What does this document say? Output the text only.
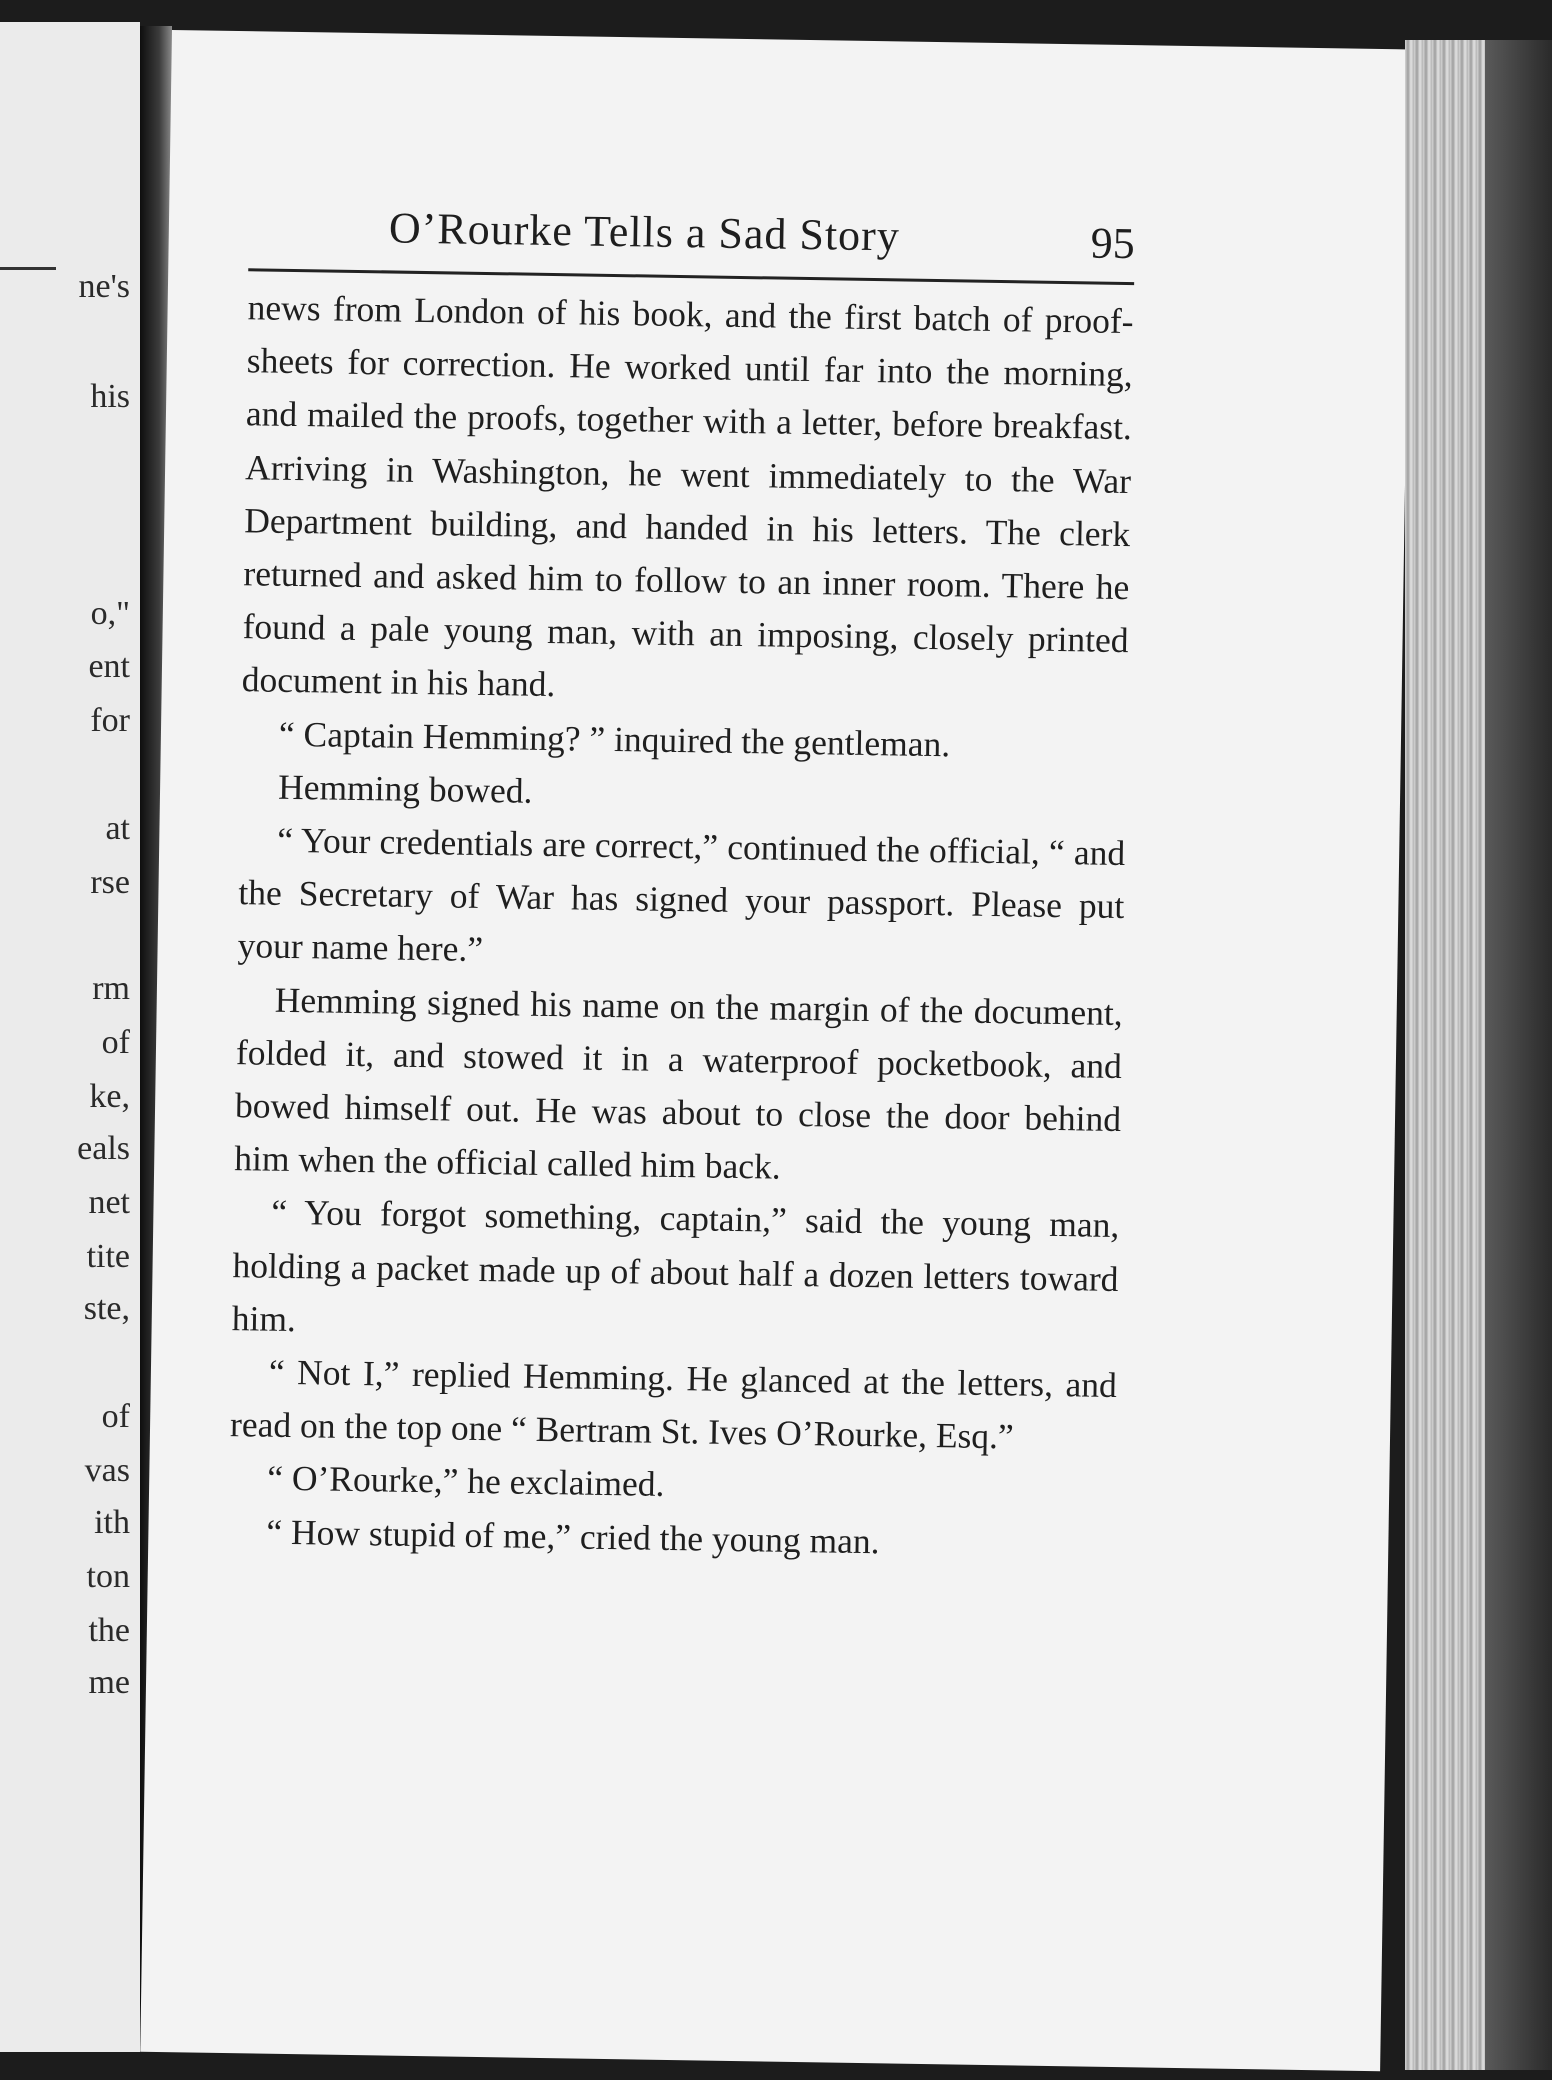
ne's
his
o,"
ent
for
at
rse
rm
of
ke,
eals
net
tite
ste,
of
vas
ith
ton
the
me
O’Rourke Tells a Sad Story	95

news from London of his book, and the first batch of proof-sheets for correction. He worked until far into the morning, and mailed the proofs, together with a letter, before breakfast. Arriving in Washington, he went immediately to the War Department building, and handed in his letters. The clerk returned and asked him to follow to an inner room. There he found a pale young man, with an imposing, closely printed document in his hand.

“ Captain Hemming? ” inquired the gentleman.

Hemming bowed.

“ Your credentials are correct,” continued the official, “ and the Secretary of War has signed your passport. Please put your name here.”

Hemming signed his name on the margin of the document, folded it, and stowed it in a waterproof pocketbook, and bowed himself out. He was about to close the door behind him when the official called him back.

“ You forgot something, captain,” said the young man, holding a packet made up of about half a dozen letters toward him.

“ Not I,” replied Hemming. He glanced at the letters, and read on the top one “ Bertram St. Ives O’Rourke, Esq.”

“ O’Rourke,” he exclaimed.

“ How stupid of me,” cried the young man.
